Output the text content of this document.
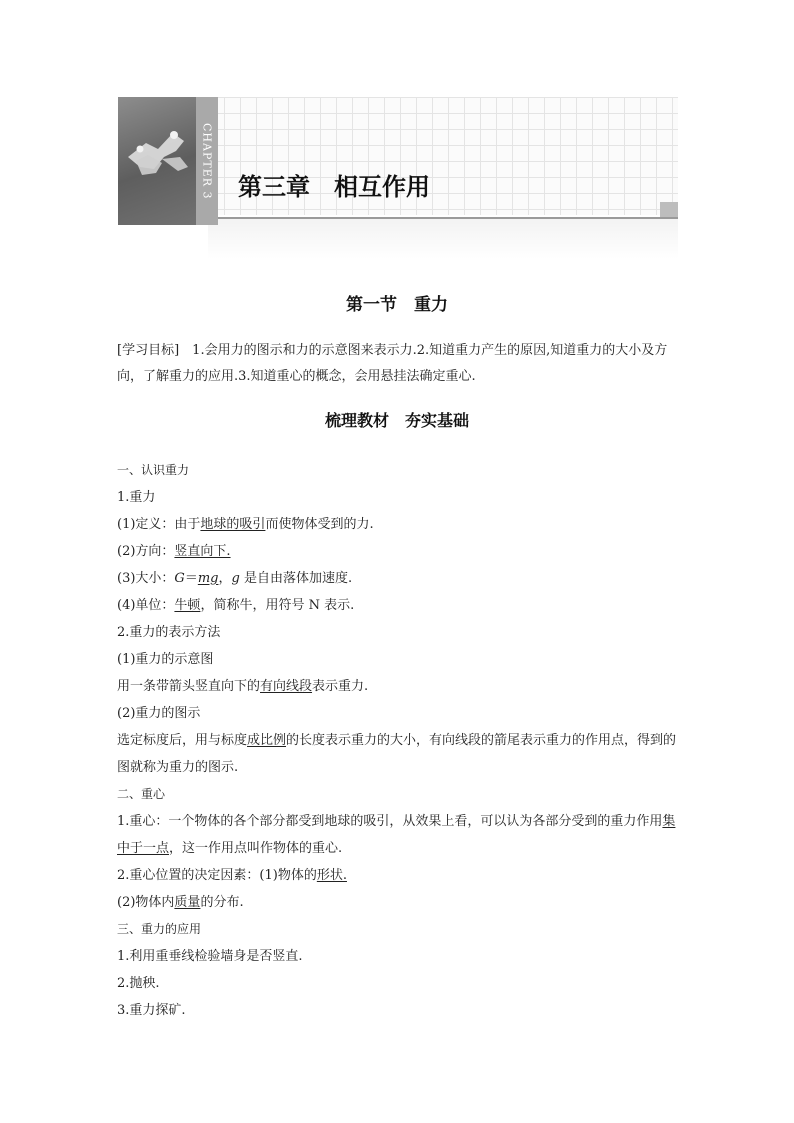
CHAPTER 3 第三章　相互作用
第一节　重力
[学习目标]　 1.会用力的图示和力的示意图来表示力.2.知道重力产生的原因,知道重力的大小及方向，了解重力的应用.3.知道重心的概念，会用悬挂法确定重心.
梳理教材　夯实基础
一、认识重力
1.重力
(1)定义：由于地球的吸引而使物体受到的力.
(2)方向：竖直向下.
(3)大小：G＝mg，g 是自由落体加速度.
(4)单位：牛顿，简称牛，用符号 N 表示.
2.重力的表示方法
(1)重力的示意图
用一条带箭头竖直向下的有向线段表示重力.
(2)重力的图示
选定标度后，用与标度成比例的长度表示重力的大小，有向线段的箭尾表示重力的作用点，得到的图就称为重力的图示.
二、重心
1.重心：一个物体的各个部分都受到地球的吸引，从效果上看，可以认为各部分受到的重力作用集中于一点，这一作用点叫作物体的重心.
2.重心位置的决定因素：(1)物体的形状.
(2)物体内质量的分布.
三、重力的应用
1.利用重垂线检验墙身是否竖直.
2.抛秧.
3.重力探矿.
